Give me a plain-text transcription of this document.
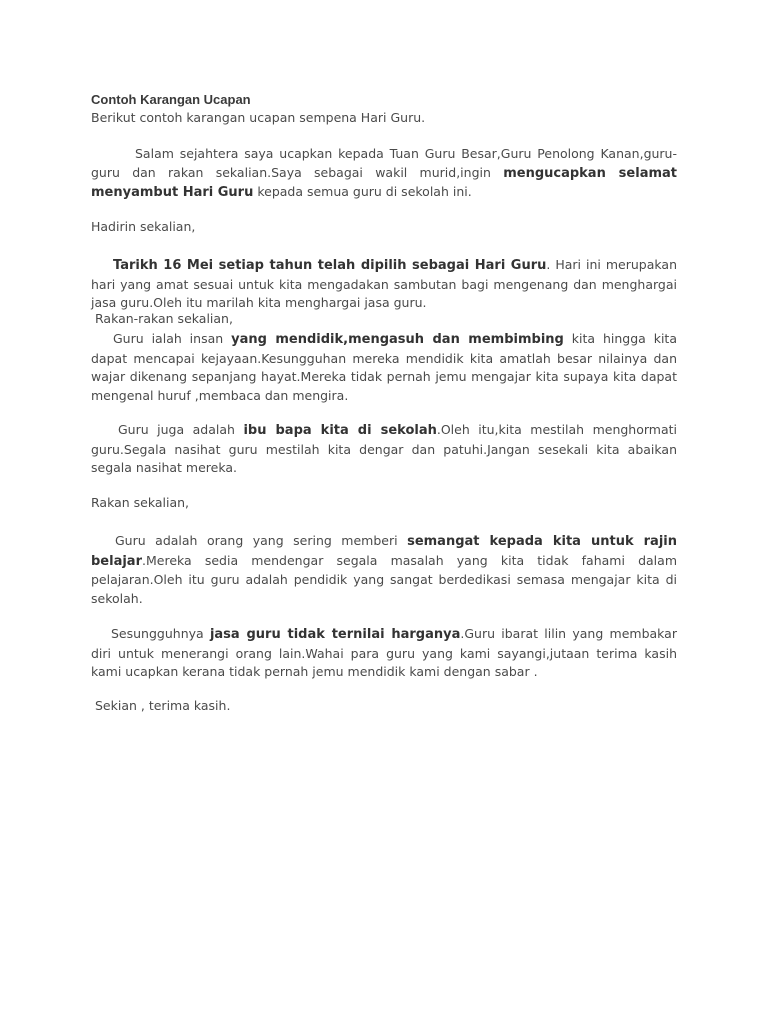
Contoh Karangan Ucapan
Berikut contoh karangan ucapan sempena Hari Guru.

Salam sejahtera saya ucapkan kepada Tuan Guru Besar,Guru Penolong Kanan,guru-guru dan rakan sekalian.Saya sebagai wakil murid,ingin mengucapkan selamat menyambut Hari Guru kepada semua guru di sekolah ini.

Hadirin sekalian,

Tarikh 16 Mei setiap tahun telah dipilih sebagai Hari Guru. Hari ini merupakan hari yang amat sesuai untuk kita mengadakan sambutan bagi mengenang dan menghargai jasa guru.Oleh itu marilah kita menghargai jasa guru.

Rakan-rakan sekalian,

Guru ialah insan yang mendidik,mengasuh dan membimbing kita hingga kita dapat mencapai kejayaan.Kesungguhan mereka mendidik kita amatlah besar nilainya dan wajar dikenang sepanjang hayat.Mereka tidak pernah jemu mengajar kita supaya kita dapat mengenal huruf ,membaca dan mengira.

Guru juga adalah ibu bapa kita di sekolah.Oleh itu,kita mestilah menghormati guru.Segala nasihat guru mestilah kita dengar dan patuhi.Jangan sesekali kita abaikan segala nasihat mereka.

Rakan sekalian,

Guru adalah orang yang sering memberi semangat kepada kita untuk rajin belajar.Mereka sedia mendengar segala masalah yang kita tidak fahami dalam pelajaran.Oleh itu guru adalah pendidik yang sangat berdedikasi semasa mengajar kita di sekolah.

Sesungguhnya jasa guru tidak ternilai harganya.Guru ibarat lilin yang membakar diri untuk menerangi orang lain.Wahai para guru yang kami sayangi,jutaan terima kasih kami ucapkan kerana tidak pernah jemu mendidik kami dengan sabar .

Sekian , terima kasih.
